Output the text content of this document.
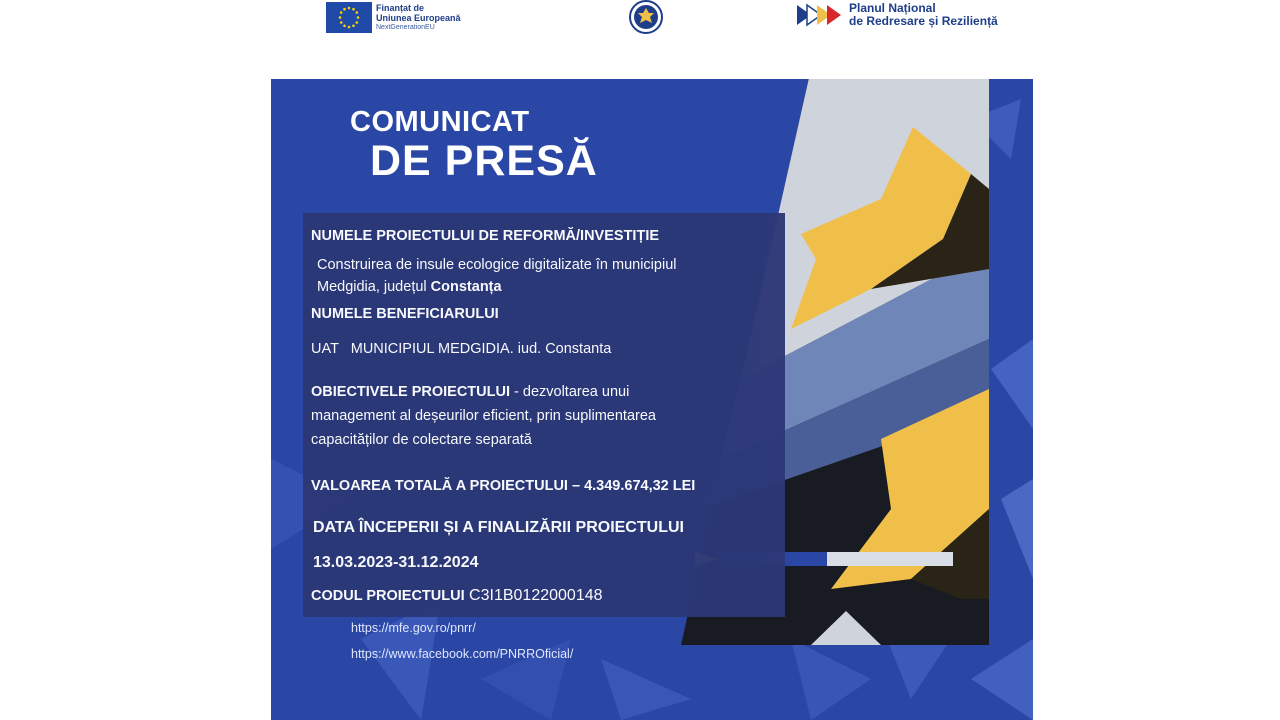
Finanțat de
Uniunea Europeană
NextGenerationEU
Planul Național
de Redresare și Reziliență
COMUNICAT
DE PRESĂ
NUMELE PROIECTULUI DE REFORMĂ/INVESTIȚIE
Construirea de insule ecologice digitalizate în municipiul
Medgidia, județul Constanța
NUMELE BENEFICIARULUI
UAT   MUNICIPIUL MEDGIDIA. iud. Constanta
OBIECTIVELE PROIECTULUI - dezvoltarea unui
management al deșeurilor eficient, prin suplimentarea
capacităților de colectare separată
VALOAREA TOTALĂ A PROIECTULUI – 4.349.674,32 LEI
DATA ÎNCEPERII ȘI A FINALIZĂRII PROIECTULUI
13.03.2023-31.12.2024
CODUL PROIECTULUI C3I1B0122000148
https://mfe.gov.ro/pnrr/
https://www.facebook.com/PNRROficial/
